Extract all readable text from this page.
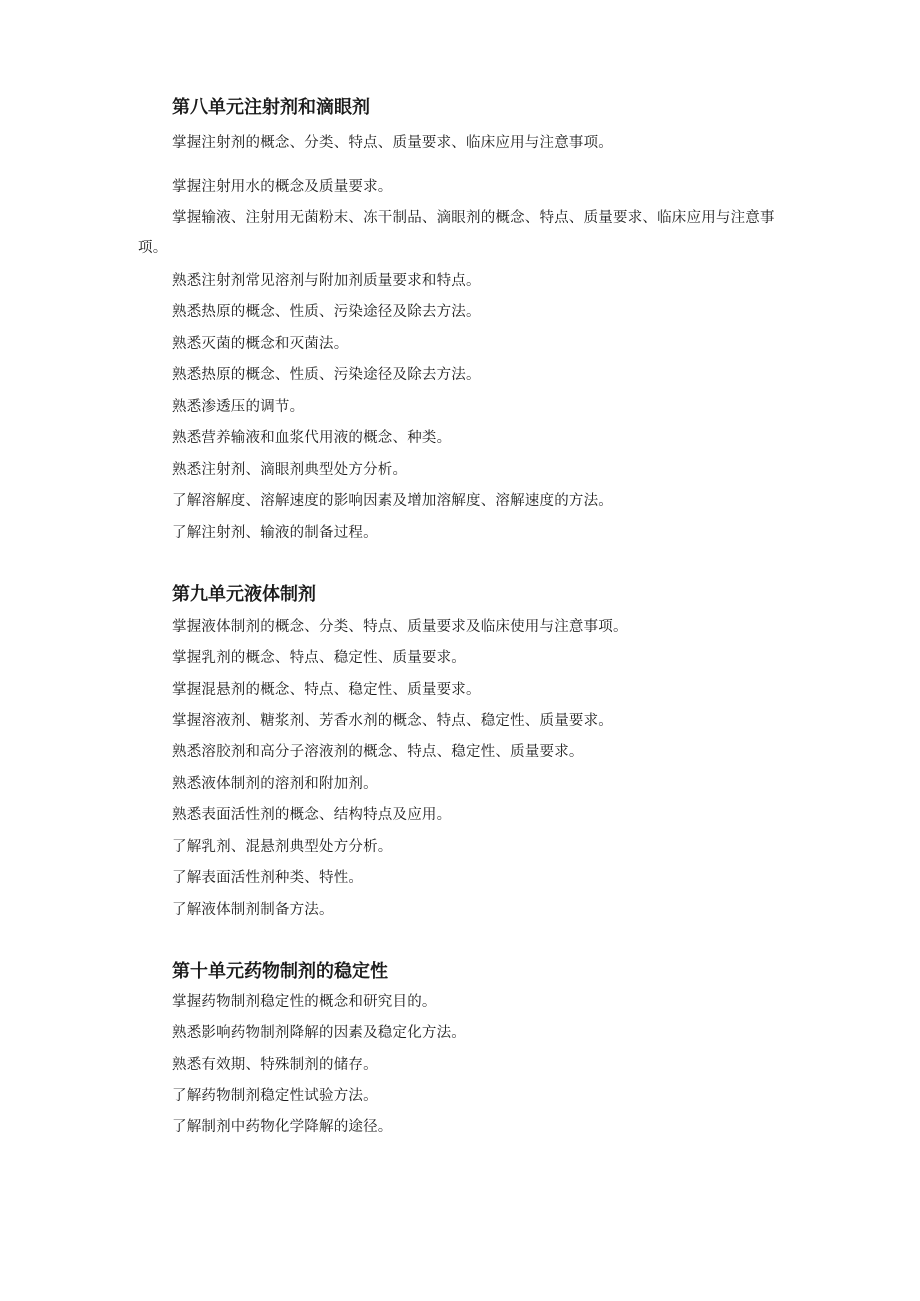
第八单元注射剂和滴眼剂

掌握注射剂的概念、分类、特点、质量要求、临床应用与注意事项。

掌握注射用水的概念及质量要求。

掌握输液、注射用无菌粉末、冻干制品、滴眼剂的概念、特点、质量要求、临床应用与注意事项。

熟悉注射剂常见溶剂与附加剂质量要求和特点。

熟悉热原的概念、性质、污染途径及除去方法。

熟悉灭菌的概念和灭菌法。

熟悉热原的概念、性质、污染途径及除去方法。

熟悉渗透压的调节。

熟悉营养输液和血浆代用液的概念、种类。

熟悉注射剂、滴眼剂典型处方分析。

了解溶解度、溶解速度的影响因素及增加溶解度、溶解速度的方法。

了解注射剂、输液的制备过程。

第九单元液体制剂

掌握液体制剂的概念、分类、特点、质量要求及临床使用与注意事项。

掌握乳剂的概念、特点、稳定性、质量要求。

掌握混悬剂的概念、特点、稳定性、质量要求。

掌握溶液剂、糖浆剂、芳香水剂的概念、特点、稳定性、质量要求。

熟悉溶胶剂和高分子溶液剂的概念、特点、稳定性、质量要求。

熟悉液体制剂的溶剂和附加剂。

熟悉表面活性剂的概念、结构特点及应用。

了解乳剂、混悬剂典型处方分析。

了解表面活性剂种类、特性。

了解液体制剂制备方法。

第十单元药物制剂的稳定性

掌握药物制剂稳定性的概念和研究目的。

熟悉影响药物制剂降解的因素及稳定化方法。

熟悉有效期、特殊制剂的储存。

了解药物制剂稳定性试验方法。

了解制剂中药物化学降解的途径。
